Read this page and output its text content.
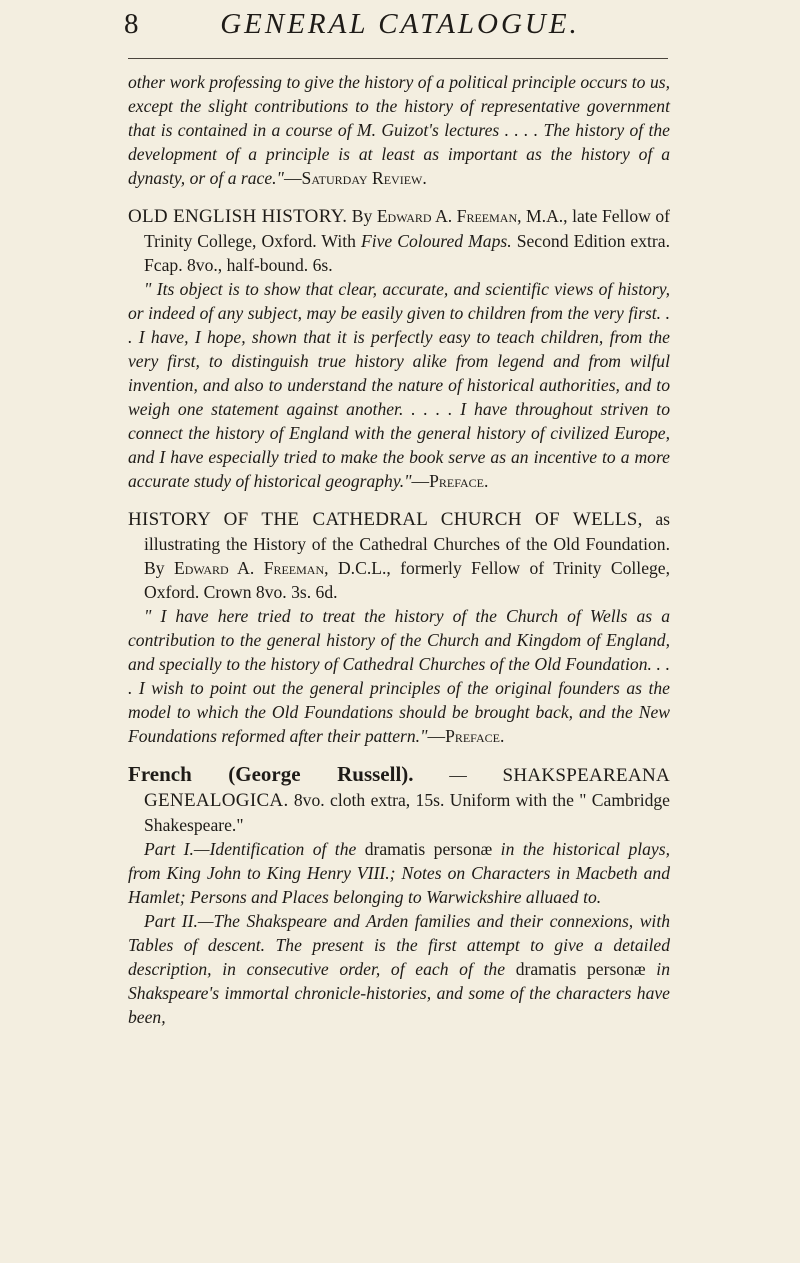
8	GENERAL CATALOGUE.

other work professing to give the history of a political principle occurs to us, except the slight contributions to the history of representative government that is contained in a course of M. Guizot's lectures . . . . The history of the development of a principle is at least as important as the history of a dynasty, or of a race."—Saturday Review.

OLD ENGLISH HISTORY. By Edward A. Freeman, M.A., late Fellow of Trinity College, Oxford. With Five Coloured Maps. Second Edition extra. Fcap. 8vo., half-bound. 6s.

" Its object is to show that clear, accurate, and scientific views of history, or indeed of any subject, may be easily given to children from the very first. . . I have, I hope, shown that it is perfectly easy to teach children, from the very first, to distinguish true history alike from legend and from wilful invention, and also to understand the nature of historical authorities, and to weigh one statement against another. . . . . I have throughout striven to connect the history of England with the general history of civilized Europe, and I have especially tried to make the book serve as an incentive to a more accurate study of historical geography."—Preface.

HISTORY OF THE CATHEDRAL CHURCH OF WELLS, as illustrating the History of the Cathedral Churches of the Old Foundation. By Edward A. Freeman, D.C.L., formerly Fellow of Trinity College, Oxford. Crown 8vo. 3s. 6d.

" I have here tried to treat the history of the Church of Wells as a contribution to the general history of the Church and Kingdom of England, and specially to the history of Cathedral Churches of the Old Foundation. . . . I wish to point out the general principles of the original founders as the model to which the Old Foundations should be brought back, and the New Foundations reformed after their pattern."—Preface.

French (George Russell). — SHAKSPEAREANA GENEALOGICA. 8vo. cloth extra, 15s. Uniform with the " Cambridge Shakespeare."

Part I.—Identification of the dramatis personæ in the historical plays, from King John to King Henry VIII.; Notes on Characters in Macbeth and Hamlet; Persons and Places belonging to Warwickshire alluaed to.

Part II.—The Shakspeare and Arden families and their connexions, with Tables of descent. The present is the first attempt to give a detailed description, in consecutive order, of each of the dramatis personæ in Shakspeare's immortal chronicle-histories, and some of the characters have been,
